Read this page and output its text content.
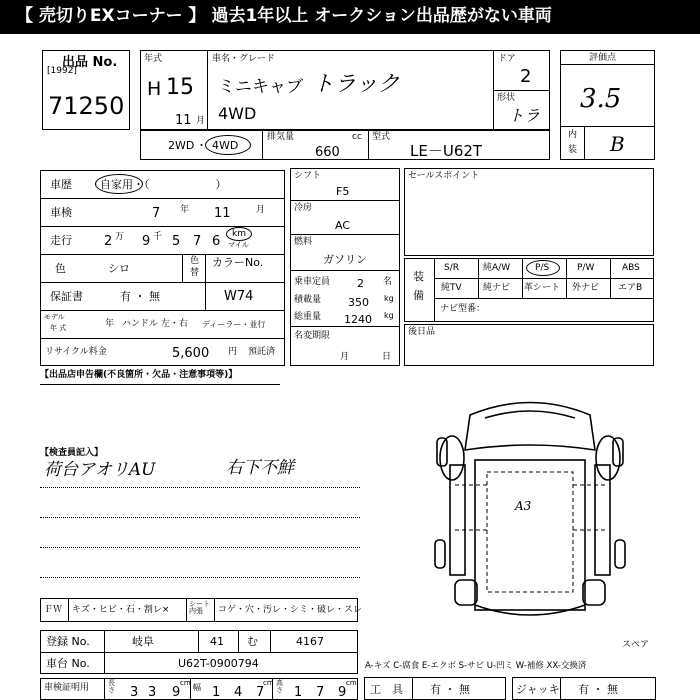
【 売切りEXコーナー 】 過去1年以上 オークション出品歴がない車両
出品 No.
[1992]
71250
年式
H 15
11 月
車名・グレード
ミニキャブ トラック
4WD
ドア
2
形状
トラ
評価点
3.5
内
装 B
2WD ・ 4WD
排気量	cc
660
型式
LE－U62T
車歴	自家用・（　　　　　　）
車検	7 年 11	月
走行 2 万 9 千 5 7 6 km
マイル
色	シロ
色
替
カラーNo.
保証書	有 ・ 無	W74
モデル
年 式	年 ハンドル 左・右 ディーラー・並行
リサイクル料金	5,600 円 預託済
シフト
F5
冷房
AC
燃料
ガソリン
乗車定員 2 名
積載量 350 kg
総重量 1240 kg
名変期限
月	日
セールスポイント
装
備
S/R	純A/W	P/S	P/W	ABS
純TV 純ナビ 革シート 外ナビ エアB
ナビ型番：
後日品
【出品店申告欄(不良箇所・欠品・注意事項等)】
【検査員記入】
荷台アオリAU	右下不鮮
A3
スペア
ＦＷ キズ・ヒビ・石・割レ×
シート内張	コゲ・穴・汚レ・シミ・破レ・スレ
登録 No.	岐阜	41 む	4167
車台 No.	U62T-0900794	A-キズ C-腐食 E-エクボ S-サビ U-凹ミ W-補修 XX-交換済
車検証明用	長さ 3 3 9
cm 幅 1 4 7
cm 高さ 1 7 9
cm 工　具 有 ・ 無	ジャッキ 有 ・ 無
